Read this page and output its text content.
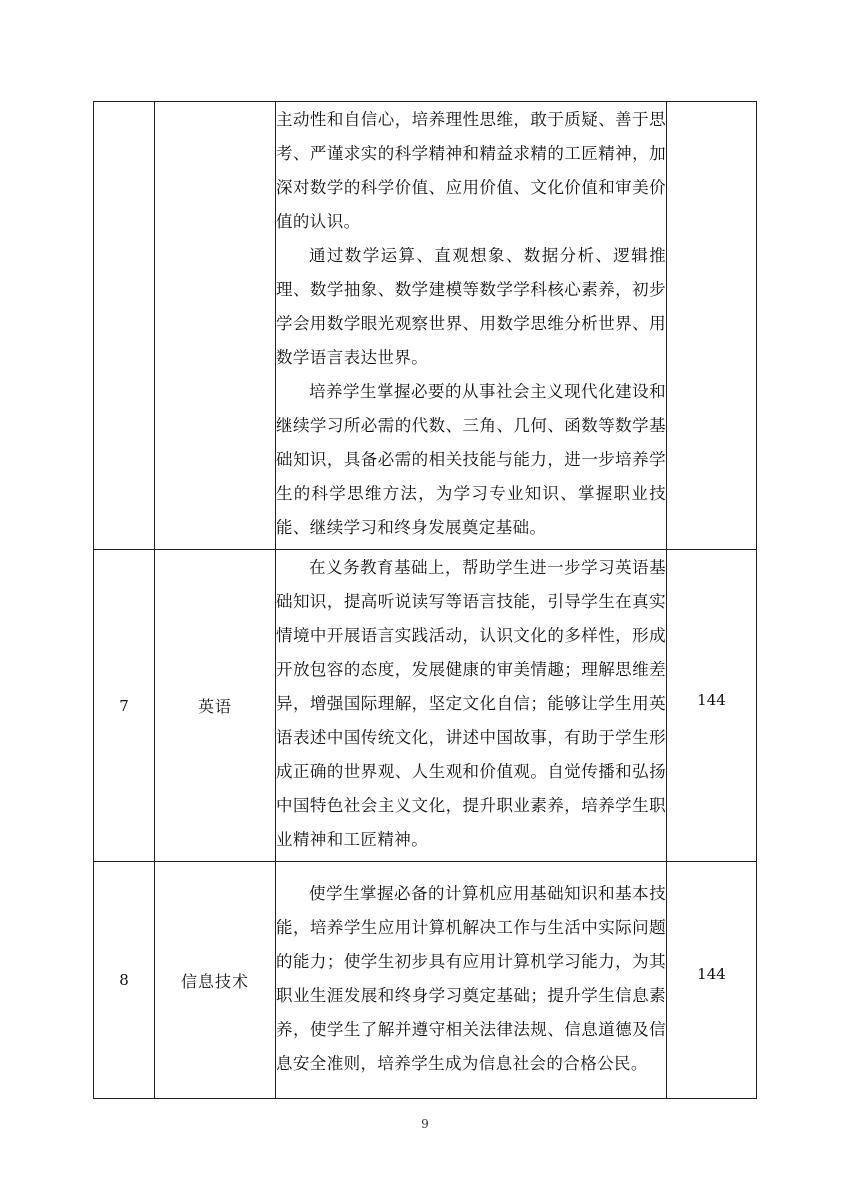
		主动性和自信心，培养理性思维，敢于质疑、善于思考、严谨求实的科学精神和精益求精的工匠精神，加深对数学的科学价值、应用价值、文化价值和审美价值的认识。

通过数学运算、直观想象、数据分析、逻辑推理、数学抽象、数学建模等数学学科核心素养，初步学会用数学眼光观察世界、用数学思维分析世界、用数学语言表达世界。

培养学生掌握必要的从事社会主义现代化建设和继续学习所必需的代数、三角、几何、函数等数学基础知识，具备必需的相关技能与能力，进一步培养学生的科学思维方法，为学习专业知识、掌握职业技能、继续学习和终身发展奠定基础。	

7	英语	在义务教育基础上，帮助学生进一步学习英语基础知识，提高听说读写等语言技能，引导学生在真实情境中开展语言实践活动，认识文化的多样性，形成开放包容的态度，发展健康的审美情趣；理解思维差异，增强国际理解，坚定文化自信；能够让学生用英语表述中国传统文化，讲述中国故事，有助于学生形成正确的世界观、人生观和价值观。自觉传播和弘扬中国特色社会主义文化，提升职业素养，培养学生职业精神和工匠精神。	144
8	信息技术	使学生掌握必备的计算机应用基础知识和基本技能，培养学生应用计算机解决工作与生活中实际问题的能力；使学生初步具有应用计算机学习能力，为其职业生涯发展和终身学习奠定基础；提升学生信息素养，使学生了解并遵守相关法律法规、信息道德及信息安全准则，培养学生成为信息社会的合格公民。	144
9
